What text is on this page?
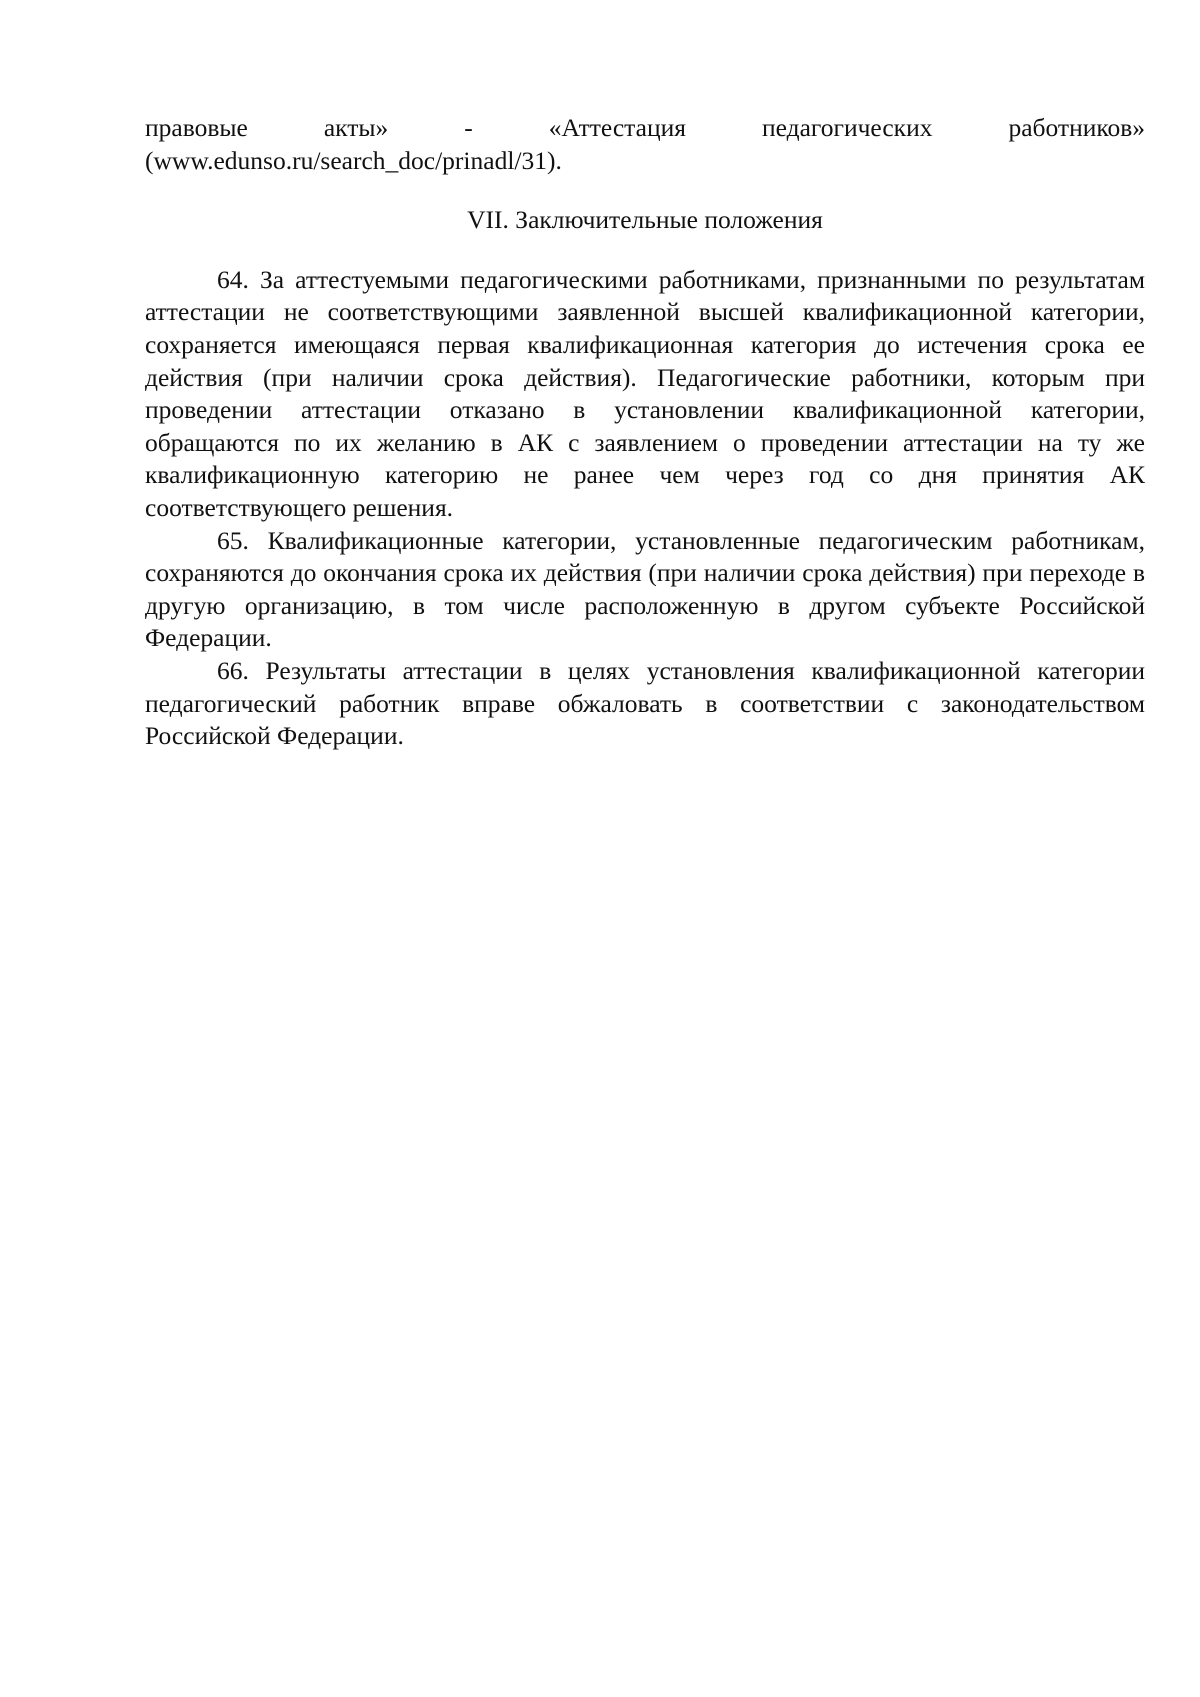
правовые акты» - «Аттестация педагогических работников»
(www.edunso.ru/search_doc/prinadl/31).

VII. Заключительные положения

64. За аттестуемыми педагогическими работниками, признанными по результатам аттестации не соответствующими заявленной высшей квалификационной категории, сохраняется имеющаяся первая квалификационная категория до истечения срока ее действия (при наличии срока действия). Педагогические работники, которым при проведении аттестации отказано в установлении квалификационной категории, обращаются по их желанию в АК с заявлением о проведении аттестации на ту же квалификационную категорию не ранее чем через год со дня принятия АК соответствующего решения.

65. Квалификационные категории, установленные педагогическим работникам, сохраняются до окончания срока их действия (при наличии срока действия) при переходе в другую организацию, в том числе расположенную в другом субъекте Российской Федерации.

66. Результаты аттестации в целях установления квалификационной категории педагогический работник вправе обжаловать в соответствии с законодательством Российской Федерации.
